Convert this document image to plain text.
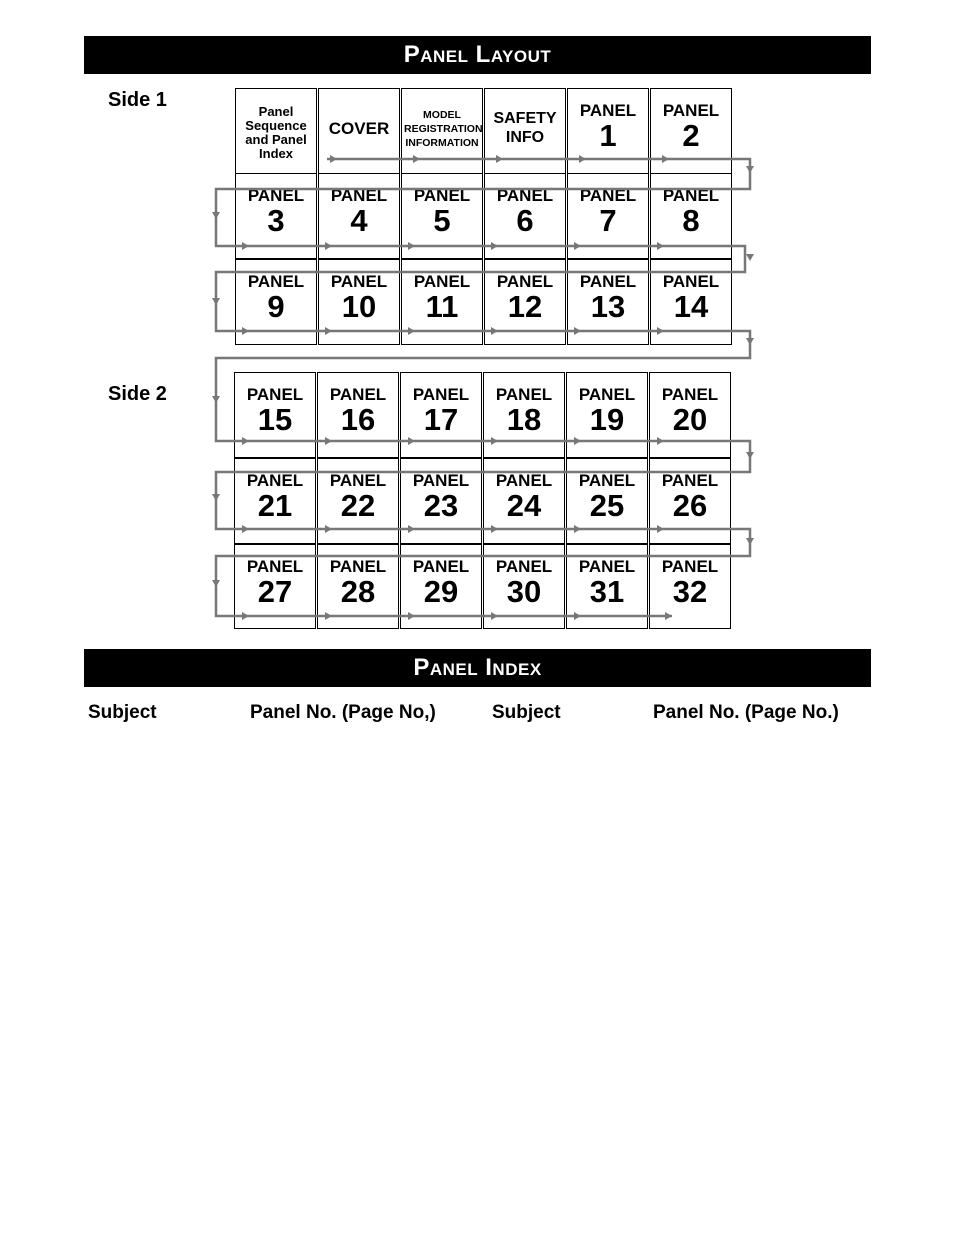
Panel Layout
Side 1
Side 2
Panel Sequence and Panel Index
COVER
MODEL REGISTRATION INFORMATION
SAFETY INFO
PANEL
1
PANEL
2
PANEL
3
PANEL
4
PANEL
5
PANEL
6
PANEL
7
PANEL
8
PANEL
9
PANEL
10
PANEL
11
PANEL
12
PANEL
13
PANEL
14
PANEL
15
PANEL
16
PANEL
17
PANEL
18
PANEL
19
PANEL
20
PANEL
21
PANEL
22
PANEL
23
PANEL
24
PANEL
25
PANEL
26
PANEL
27
PANEL
28
PANEL
29
PANEL
30
PANEL
31
PANEL
32
Panel Index
Subject	Panel No. (Page No,)	Subject	Panel No. (Page No.)
